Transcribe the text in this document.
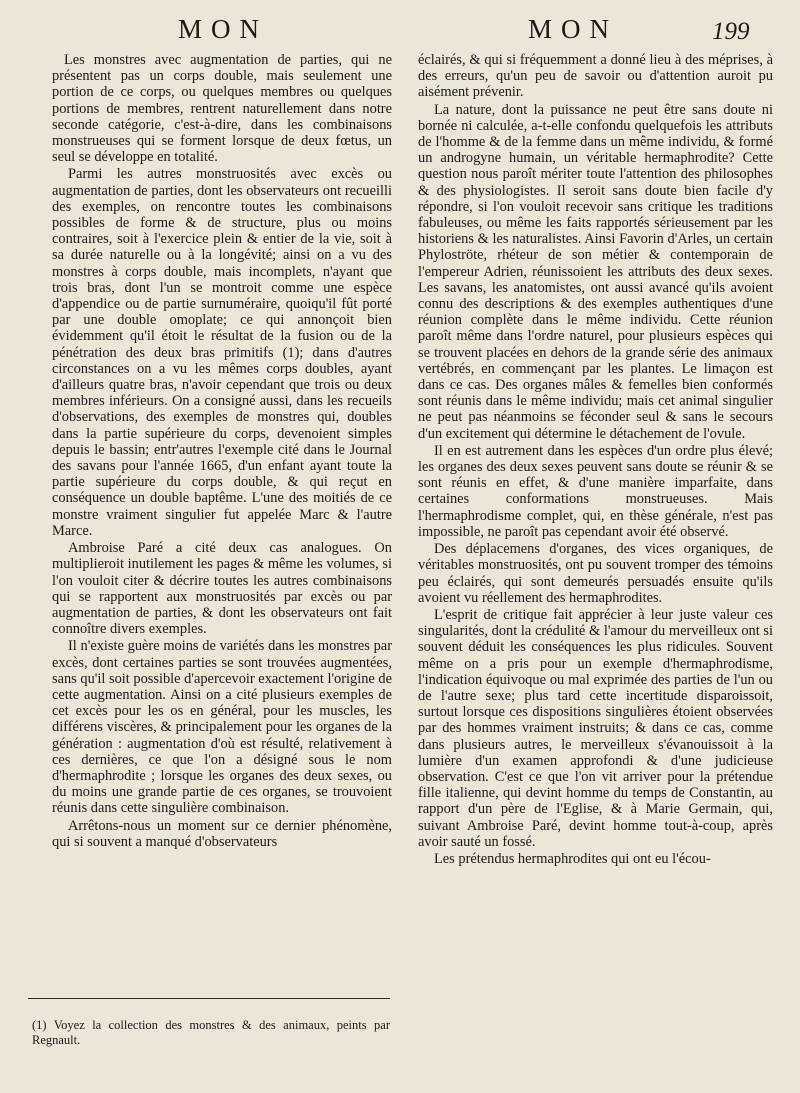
MON	MON	199

Les monstres avec augmentation de parties, qui ne présentent pas un corps double, mais seulement une portion de ce corps, ou quelques membres ou quelques portions de membres, rentrent naturellement dans notre seconde catégorie, c'est-à-dire, dans les combinaisons monstrueuses qui se forment lorsque de deux fœtus, un seul se développe en totalité.

Parmi les autres monstruosités avec excès ou augmentation de parties, dont les observateurs ont recueilli des exemples, on rencontre toutes les combinaisons possibles de forme & de structure, plus ou moins contraires, soit à l'exercice plein & entier de la vie, soit à sa durée naturelle ou à la longévité; ainsi on a vu des monstres à corps double, mais incomplets, n'ayant que trois bras, dont l'un se montroit comme une espèce d'appendice ou de partie surnuméraire, quoiqu'il fût porté par une double omoplate; ce qui annonçoit bien évidemment qu'il étoit le résultat de la fusion ou de la pénétration des deux bras primitifs (1); dans d'autres circonstances on a vu les mêmes corps doubles, ayant d'ailleurs quatre bras, n'avoir cependant que trois ou deux membres inférieurs. On a consigné aussi, dans les recueils d'observations, des exemples de monstres qui, doubles dans la partie supérieure du corps, devenoient simples depuis le bassin; entr'autres l'exemple cité dans le Journal des savans pour l'année 1665, d'un enfant ayant toute la partie supérieure du corps double, & qui reçut en conséquence un double baptême. L'une des moitiés de ce monstre vraiment singulier fut appelée Marc & l'autre Marce.

Ambroise Paré a cité deux cas analogues. On multiplieroit inutilement les pages & même les volumes, si l'on vouloit citer & décrire toutes les autres combinaisons qui se rapportent aux monstruosités par excès ou par augmentation de parties, & dont les observateurs ont fait connoître divers exemples.

Il n'existe guère moins de variétés dans les monstres par excès, dont certaines parties se sont trouvées augmentées, sans qu'il soit possible d'apercevoir exactement l'origine de cette augmentation. Ainsi on a cité plusieurs exemples de cet excès pour les os en général, pour les muscles, les différens viscères, & principalement pour les organes de la génération : augmentation d'où est résulté, relativement à ces dernières, ce que l'on a désigné sous le nom d'hermaphrodite ; lorsque les organes des deux sexes, ou du moins une grande partie de ces organes, se trouvoient réunis dans cette singulière combinaison.

Arrêtons-nous un moment sur ce dernier phénomène, qui si souvent a manqué d'observateurs

éclairés, & qui si fréquemment a donné lieu à des méprises, à des erreurs, qu'un peu de savoir ou d'attention auroit pu aisément prévenir.

La nature, dont la puissance ne peut être sans doute ni bornée ni calculée, a-t-elle confondu quelquefois les attributs de l'homme & de la femme dans un même individu, & formé un androgyne humain, un véritable hermaphrodite? Cette question nous paroît mériter toute l'attention des philosophes & des physiologistes. Il seroit sans doute bien facile d'y répondre, si l'on vouloit recevoir sans critique les traditions fabuleuses, ou même les faits rapportés sérieusement par les historiens & les naturalistes. Ainsi Favorin d'Arles, un certain Phyloströte, rhéteur de son métier & contemporain de l'empereur Adrien, réunissoient les attributs des deux sexes. Les savans, les anatomistes, ont aussi avancé qu'ils avoient connu des descriptions & des exemples authentiques d'une réunion complète dans le même individu. Cette réunion paroît même dans l'ordre naturel, pour plusieurs espèces qui se trouvent placées en dehors de la grande série des animaux vertébrés, en commençant par les plantes. Le limaçon est dans ce cas. Des organes mâles & femelles bien conformés sont réunis dans le même individu; mais cet animal singulier ne peut pas néanmoins se féconder seul & sans le secours d'un excitement qui détermine le détachement de l'ovule.

Il en est autrement dans les espèces d'un ordre plus élevé; les organes des deux sexes peuvent sans doute se réunir & se sont réunis en effet, & d'une manière imparfaite, dans certaines conformations monstrueuses. Mais l'hermaphrodisme complet, qui, en thèse générale, n'est pas impossible, ne paroît pas cependant avoir été observé.

Des déplacemens d'organes, des vices organiques, de véritables monstruosités, ont pu souvent tromper des témoins peu éclairés, qui sont demeurés persuadés ensuite qu'ils avoient vu réellement des hermaphrodites.

L'esprit de critique fait apprécier à leur juste valeur ces singularités, dont la crédulité & l'amour du merveilleux ont si souvent déduit les conséquences les plus ridicules. Souvent même on a pris pour un exemple d'hermaphrodisme, l'indication équivoque ou mal exprimée des parties de l'un ou de l'autre sexe; plus tard cette incertitude disparoissoit, surtout lorsque ces dispositions singulières étoient observées par des hommes vraiment instruits; & dans ce cas, comme dans plusieurs autres, le merveilleux s'évanouissoit à la lumière d'un examen approfondi & d'une judicieuse observation. C'est ce que l'on vit arriver pour la prétendue fille italienne, qui devint homme du temps de Constantin, au rapport d'un père de l'Eglise, & à Marie Germain, qui, suivant Ambroise Paré, devint homme tout-à-coup, après avoir sauté un fossé.

Les prétendus hermaphrodites qui ont eu l'écou-

(1) Voyez la collection des monstres & des animaux, peints par Regnault.
